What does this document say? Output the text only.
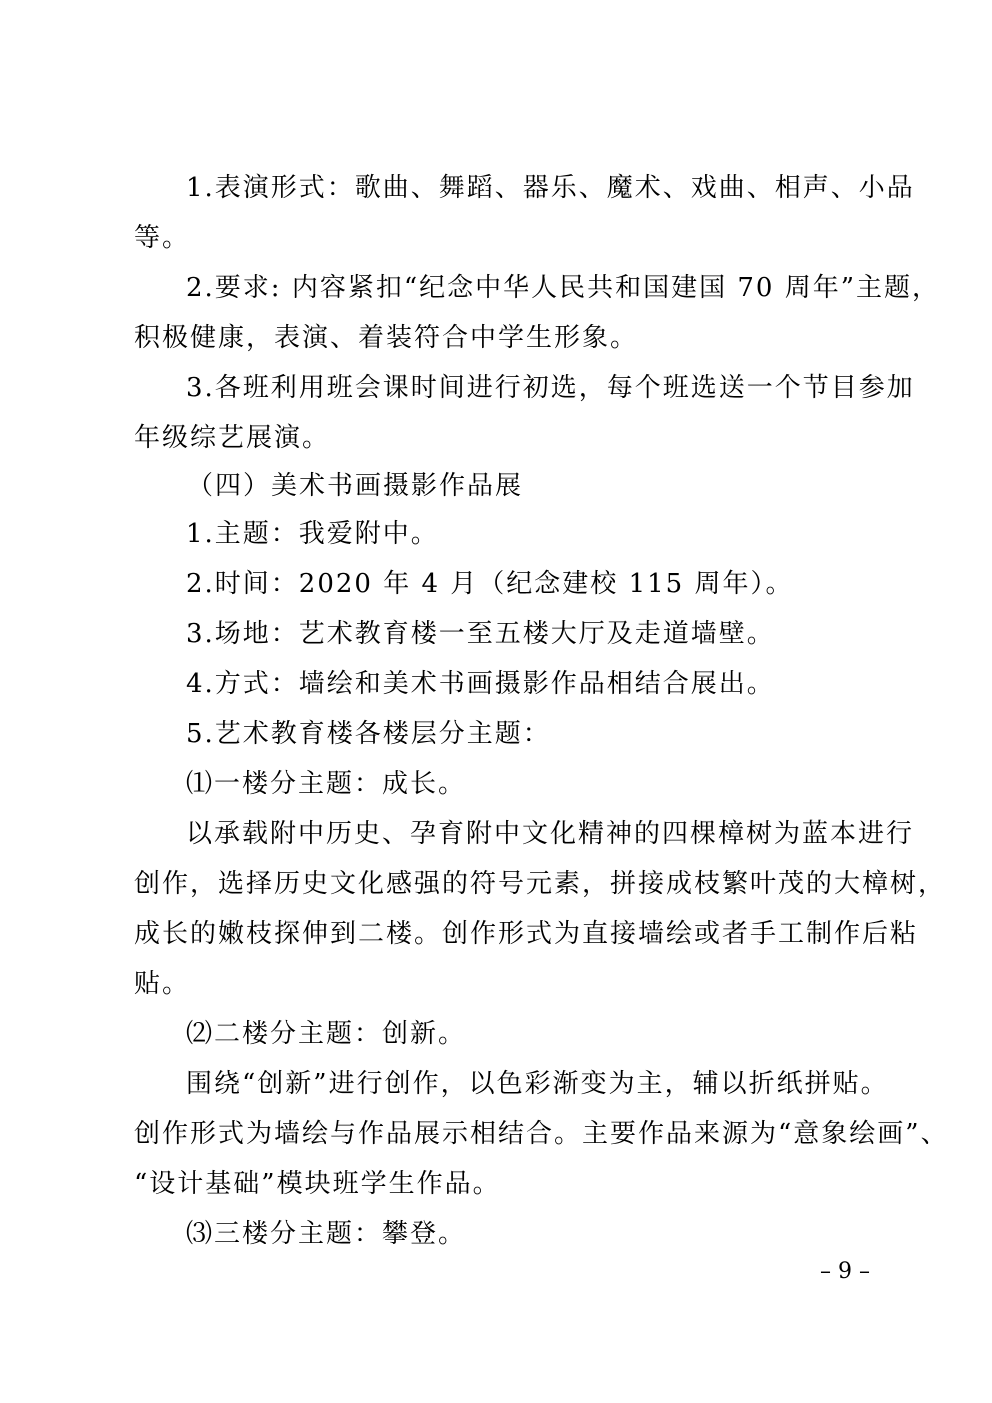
1.表演形式：歌曲、舞蹈、器乐、魔术、戏曲、相声、小品
等。
2.要求: 内容紧扣“纪念中华人民共和国建国 70 周年”主题，
积极健康，表演、着装符合中学生形象。
3.各班利用班会课时间进行初选，每个班选送一个节目参加
年级综艺展演。
（四）美术书画摄影作品展
1.主题：我爱附中。
2.时间：2020 年 4 月（纪念建校 115 周年）。
3.场地：艺术教育楼一至五楼大厅及走道墙壁。
4.方式：墙绘和美术书画摄影作品相结合展出。
5.艺术教育楼各楼层分主题：
⑴一楼分主题：成长。
以承载附中历史、孕育附中文化精神的四棵樟树为蓝本进行
创作，选择历史文化感强的符号元素，拼接成枝繁叶茂的大樟树，
成长的嫩枝探伸到二楼。创作形式为直接墙绘或者手工制作后粘
贴。
⑵二楼分主题：创新。
围绕“创新”进行创作，以色彩渐变为主，辅以折纸拼贴。
创作形式为墙绘与作品展示相结合。主要作品来源为“意象绘画”、
“设计基础”模块班学生作品。
⑶三楼分主题：攀登。
– 9 –
